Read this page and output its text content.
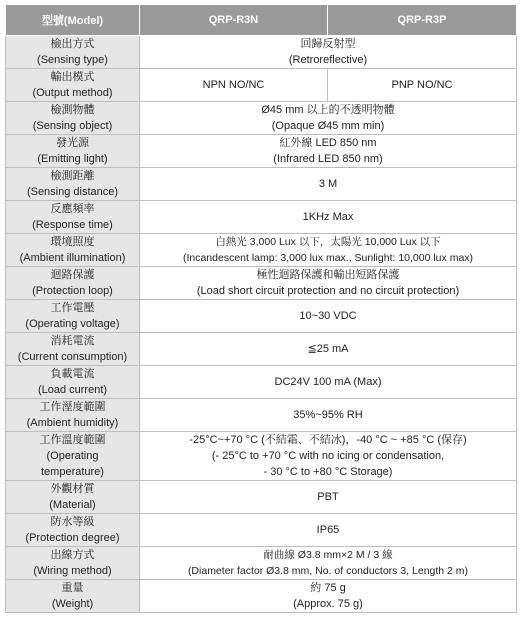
型號(Model)	QRP-R3N	QRP-R3P

檢出方式
(Sensing type)	回歸反射型
(Retroreflective)	

輸出模式
(Output method)	NPN NO/NC	PNP NO/NC

檢測物體
(Sensing object)	Ø45 mm 以上的不透明物體
(Opaque Ø45 mm min)	

發光源
(Emitting light)	紅外線 LED 850 nm
(Infrared LED 850 nm)	

檢測距離
(Sensing distance)	3 M	

反應頻率
(Response time)	1KHz Max	

環境照度
(Ambient illumination)	白熱光 3,000 Lux 以下，太陽光 10,000 Lux 以下
(Incandescent lamp: 3,000 lux max., Sunlight: 10,000 lux max)	

迴路保護
(Protection loop)	極性迴路保護和輸出短路保護
(Load short circuit protection and no circuit protection)	

工作電壓
(Operating voltage)	10~30 VDC	

消耗電流
(Current consumption)	≦25 mA	

負載電流
(Load current)	DC24V 100 mA (Max)	

工作溼度範圍
(Ambient humidity)	35%~95% RH	

工作溫度範圍
(Operating
temperature)	-25°C~+70 °C (不結霜、不結冰)，-40 °C ~ +85 °C (保存)
(- 25°C to +70 °C with no icing or condensation,
- 30 °C to +80 °C Storage)	

外觀材質
(Material)	PBT	

防水等級
(Protection degree)	IP65	

出線方式
(Wiring method)	耐曲線 Ø3.8 mm×2 M / 3 線
(Diameter factor Ø3.8 mm, No. of conductors 3, Length 2 m)	

重量
(Weight)	約 75 g
(Approx. 75 g)	
